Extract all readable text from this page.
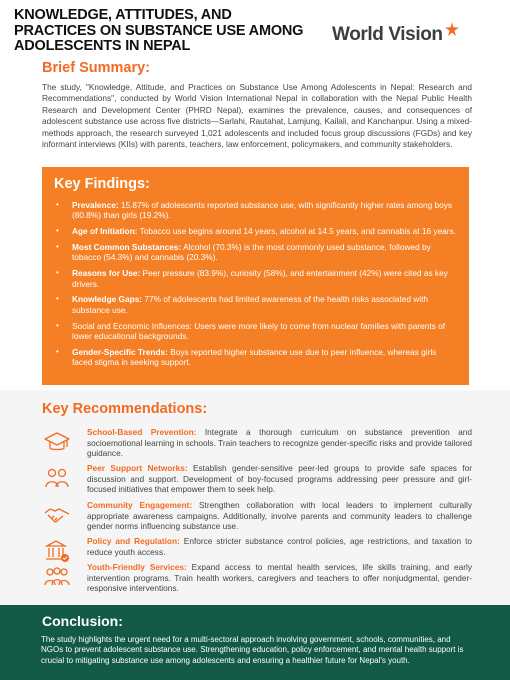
KNOWLEDGE, ATTITUDES, AND PRACTICES ON SUBSTANCE USE AMONG ADOLESCENTS IN NEPAL
World Vision
Brief Summary:

The study, "Knowledge, Attitude, and Practices on Substance Use Among Adolescents in Nepal: Research and Recommendations", conducted by World Vision International Nepal in collaboration with the Nepal Public Health Research and Development Center (PHRD Nepal), examines the prevalence, causes, and consequences of adolescent substance use across five districts—Sarlahi, Rautahat, Lamjung, Kailali, and Kanchanpur. Using a mixed-methods approach, the research surveyed 1,021 adolescents and included focus group discussions (FGDs) and key informant interviews (KIIs) with parents, teachers, law enforcement, policymakers, and community stakeholders.

Key Findings:
• Prevalence: 15.87% of adolescents reported substance use, with significantly higher rates among boys (80.8%) than girls (19.2%).
• Age of Initiation: Tobacco use begins around 14 years, alcohol at 14.5 years, and cannabis at 16 years.
• Most Common Substances: Alcohol (70.3%) is the most commonly used substance, followed by tobacco (54.3%) and cannabis (20.3%).
• Reasons for Use: Peer pressure (83.9%), curiosity (58%), and entertainment (42%) were cited as key drivers.
• Knowledge Gaps: 77% of adolescents had limited awareness of the health risks associated with substance use.
• Social and Economic Influences: Users were more likely to come from nuclear families with parents of lower educational backgrounds.
• Gender-Specific Trends: Boys reported higher substance use due to peer influence, whereas girls faced stigma in seeking support.
Key Recommendations:
School-Based Prevention: Integrate a thorough curriculum on substance prevention and socioemotional learning in schools. Train teachers to recognize gender-specific risks and provide tailored guidance.
Peer Support Networks: Establish gender-sensitive peer-led groups to provide safe spaces for discussion and support. Development of boy-focused programs addressing peer pressure and girl-focused initiatives that empower them to seek help.
Community Engagement: Strengthen collaboration with local leaders to implement culturally appropriate awareness campaigns. Additionally, involve parents and community leaders to challenge gender norms influencing substance use.
Policy and Regulation: Enforce stricter substance control policies, age restrictions, and taxation to reduce youth access.
Youth-Friendly Services: Expand access to mental health services, life skills training, and early intervention programs. Train health workers, caregivers and teachers to offer nonjudgmental, gender-responsive interventions.
Conclusion:

The study highlights the urgent need for a multi-sectoral approach involving government, schools, communities, and NGOs to prevent adolescent substance use. Strengthening education, policy enforcement, and mental health support is crucial to mitigating substance use among adolescents and ensuring a healthier future for Nepal's youth.
